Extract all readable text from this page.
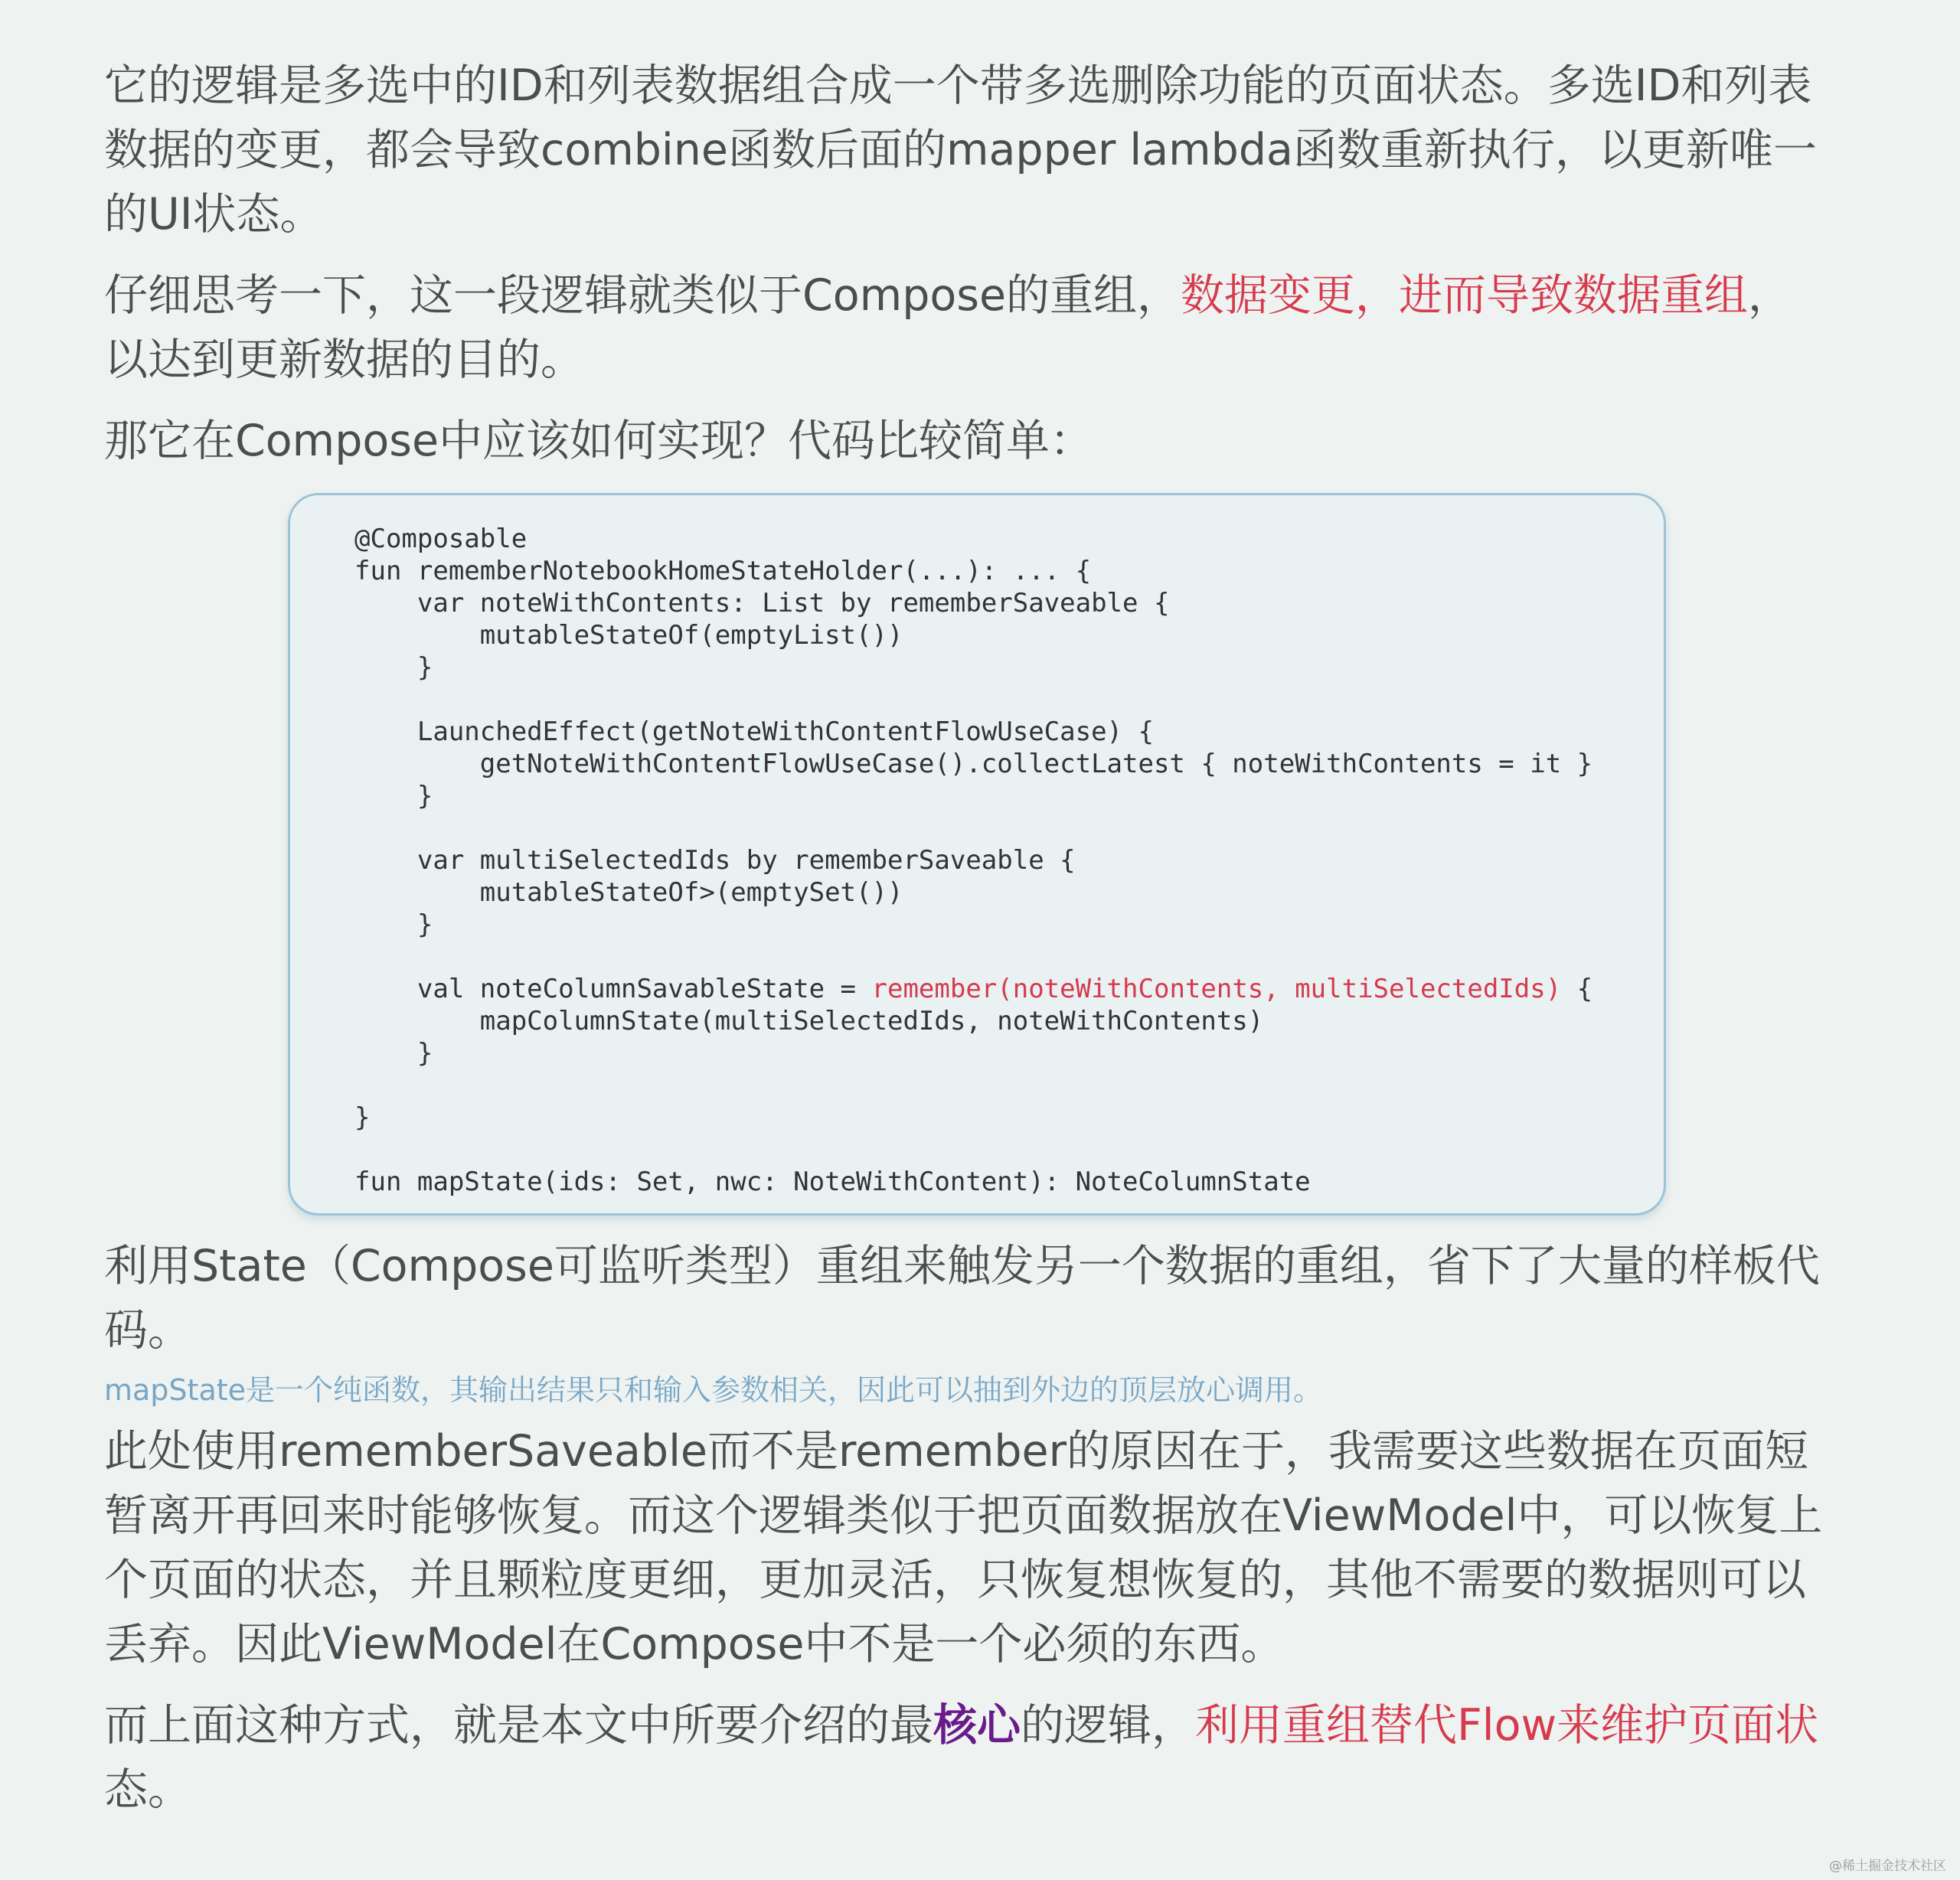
它的逻辑是多选中的ID和列表数据组合成一个带多选删除功能的页面状态。多选ID和列表数据的变更，都会导致combine函数后面的mapper lambda函数重新执行，以更新唯一的UI状态。

仔细思考一下，这一段逻辑就类似于Compose的重组，数据变更，进而导致数据重组，以达到更新数据的目的。

那它在Compose中应该如何实现？代码比较简单：

@Composable
fun rememberNotebookHomeStateHolder(...): ... {
var noteWithContents: List by rememberSaveable {
mutableStateOf(emptyList())
}
LaunchedEffect(getNoteWithContentFlowUseCase) {
getNoteWithContentFlowUseCase().collectLatest { noteWithContents = it }
}
var multiSelectedIds by rememberSaveable {
mutableStateOf>(emptySet())
}
val noteColumnSavableState = remember(noteWithContents, multiSelectedIds) {
mapColumnState(multiSelectedIds, noteWithContents)
}
}
fun mapState(ids: Set, nwc: NoteWithContent): NoteColumnState

利用State（Compose可监听类型）重组来触发另一个数据的重组，省下了大量的样板代码。

mapState是一个纯函数，其输出结果只和输入参数相关，因此可以抽到外边的顶层放心调用。

此处使用rememberSaveable而不是remember的原因在于，我需要这些数据在页面短暂离开再回来时能够恢复。而这个逻辑类似于把页面数据放在ViewModel中，可以恢复上个页面的状态，并且颗粒度更细，更加灵活，只恢复想恢复的，其他不需要的数据则可以丢弃。因此ViewModel在Compose中不是一个必须的东西。

而上面这种方式，就是本文中所要介绍的最核心的逻辑，利用重组替代Flow来维护页面状
态。

@稀土掘金技术社区
